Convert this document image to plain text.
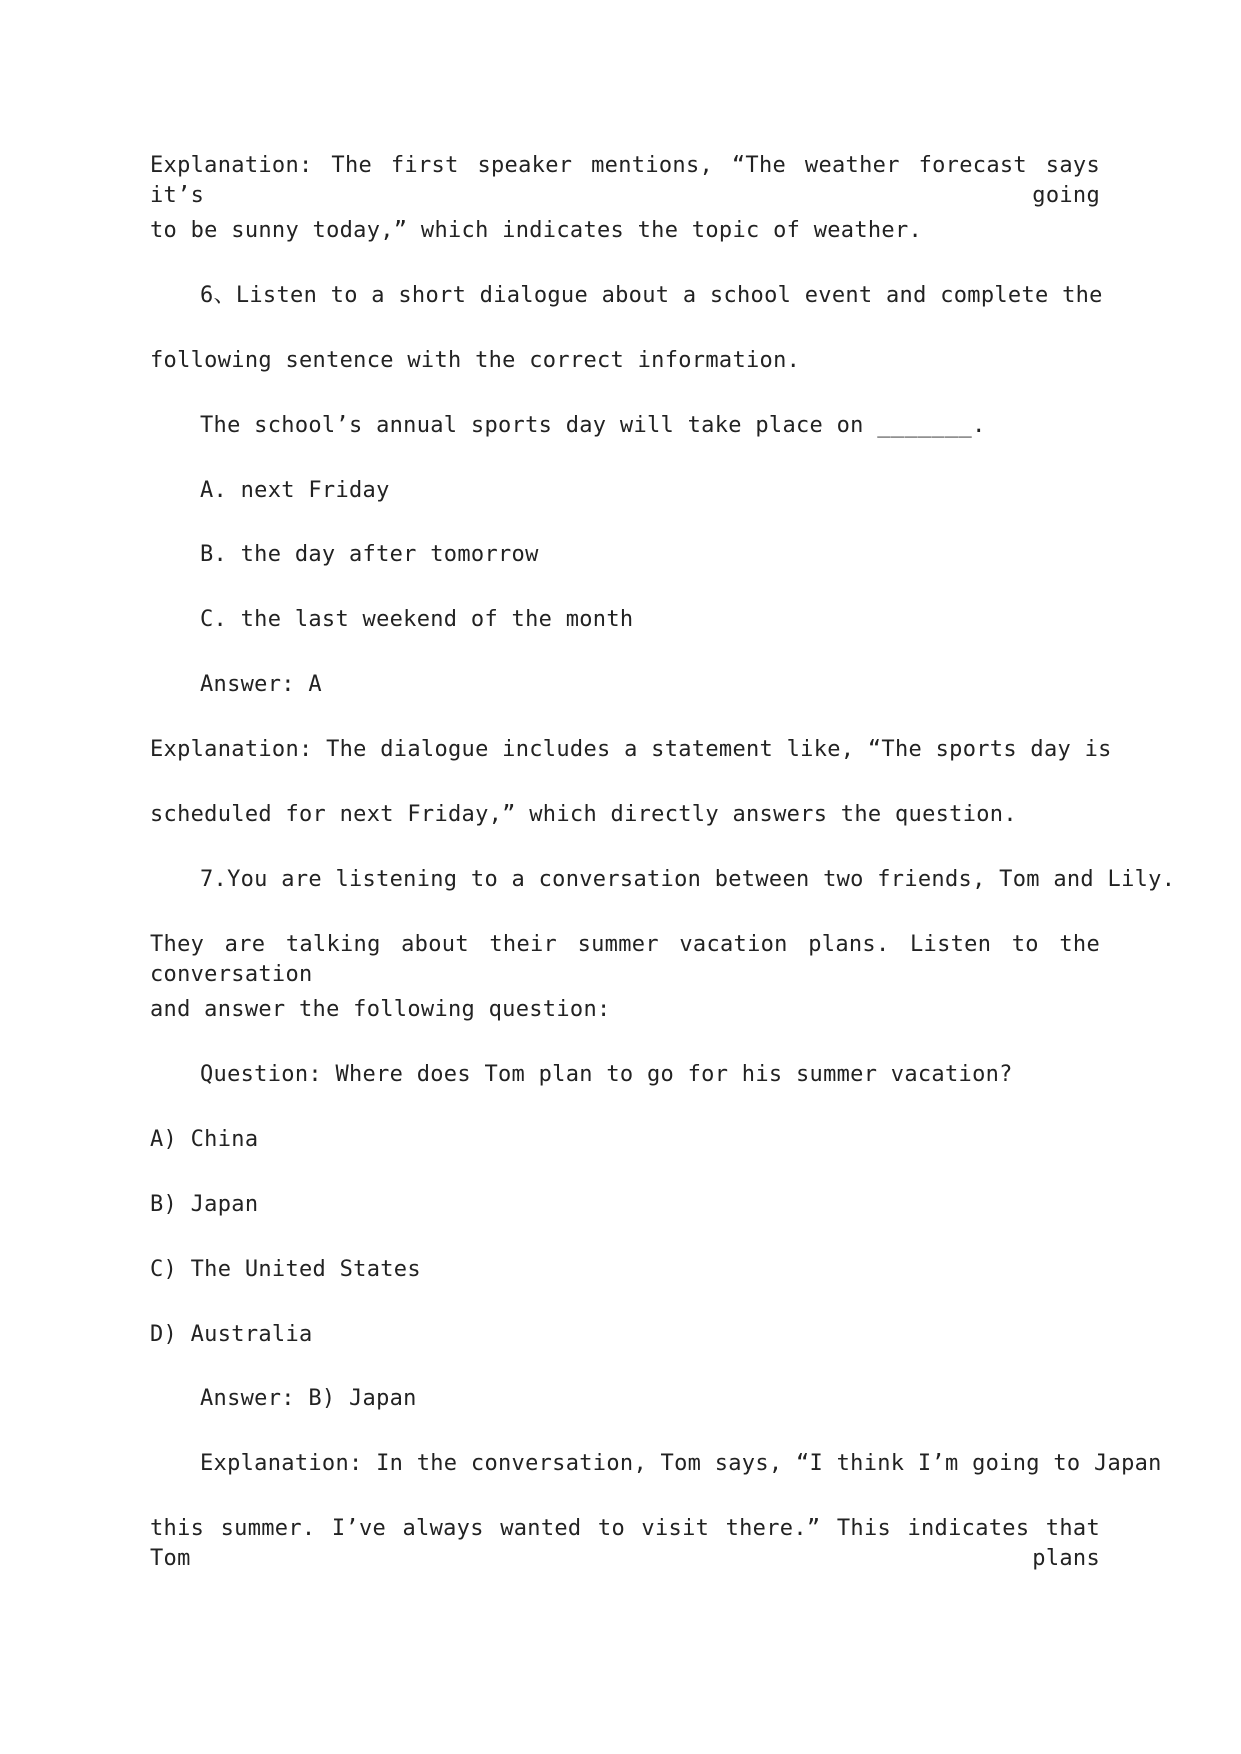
Explanation: The first speaker mentions, “The weather forecast says it’s going
to be sunny today,” which indicates the topic of weather.
6、Listen to a short dialogue about a school event and complete the
following sentence with the correct information.
The school’s annual sports day will take place on _______.
A. next Friday
B. the day after tomorrow
C. the last weekend of the month
Answer: A
Explanation: The dialogue includes a statement like, “The sports day is
scheduled for next Friday,” which directly answers the question.
7.You are listening to a conversation between two friends, Tom and Lily.
They are talking about their summer vacation plans. Listen to the conversation
and answer the following question:
Question: Where does Tom plan to go for his summer vacation?
A) China
B) Japan
C) The United States
D) Australia
Answer: B) Japan
Explanation: In the conversation, Tom says, “I think I’m going to Japan
this summer. I’ve always wanted to visit there.” This indicates that Tom plans
